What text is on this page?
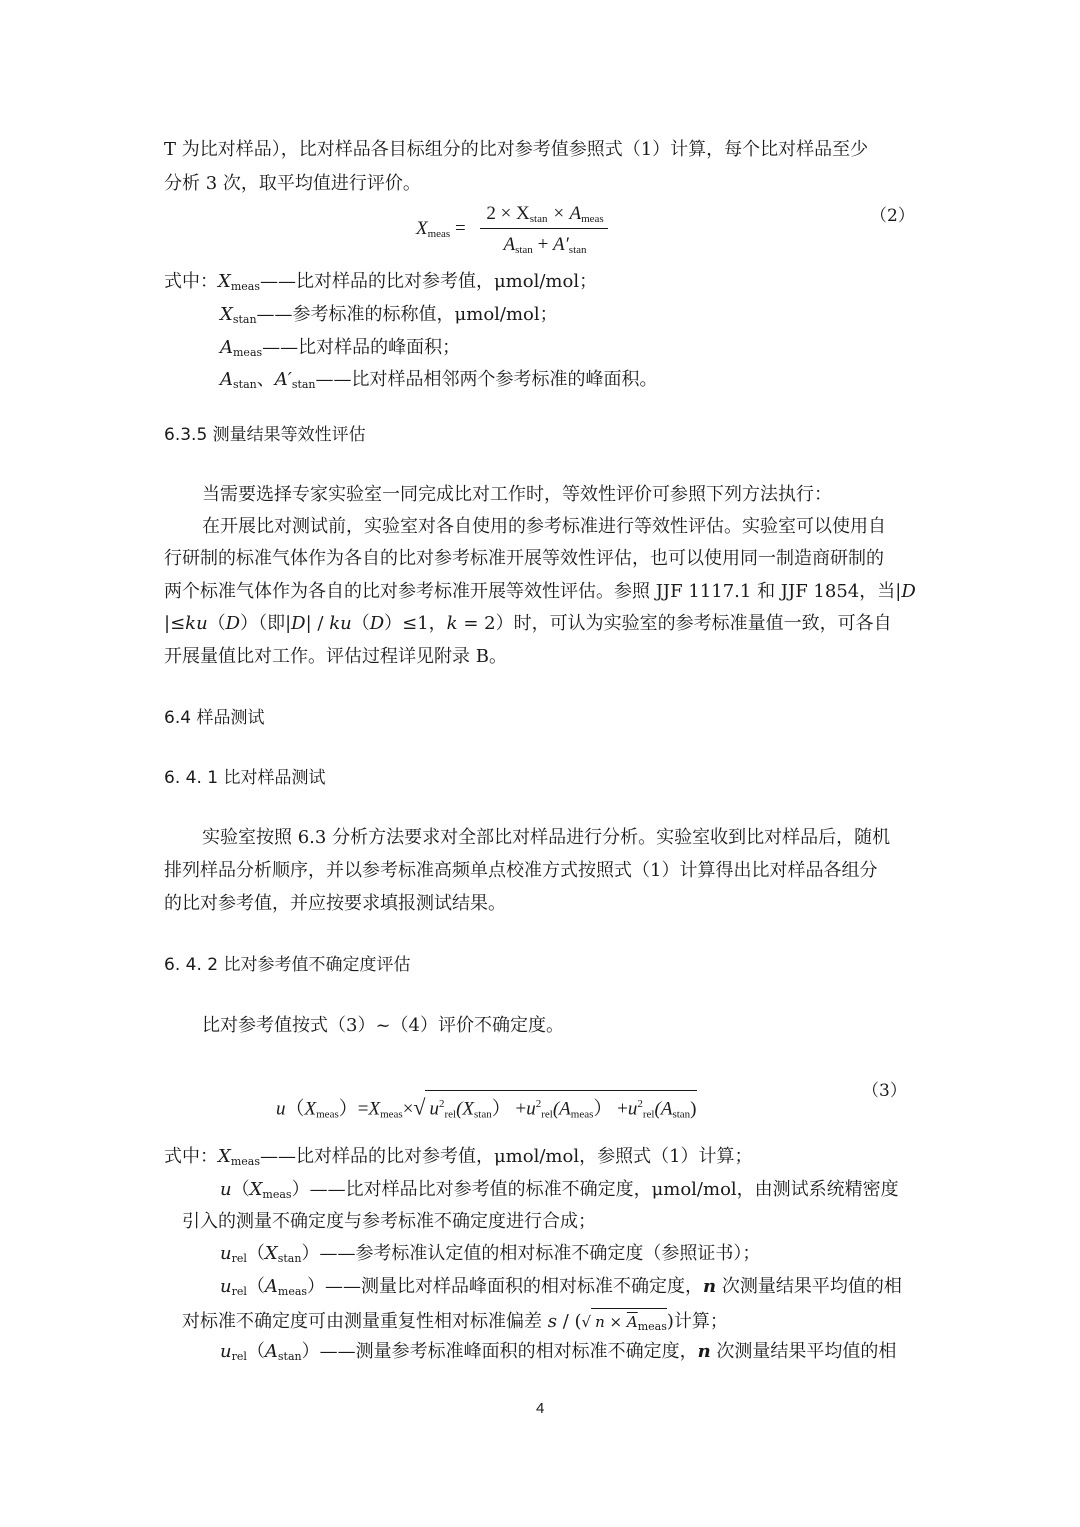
T 为比对样品），比对样品各目标组分的比对参考值参照式（1）计算，每个比对样品至少
分析 3 次，取平均值进行评价。
$X_{meas}$ =
$2 \times X_{stan} \times A_{meas}$
$A_{stan} + A'_{stan}$
（2）
式中：$X_{meas}——$比对样品的比对参考值，μmol/mol；
$X_{stan}——$参考标准的标称值，μmol/mol；
$A_{meas}——$比对样品的峰面积；
$A_{stan}$、$A'_{stan}——$比对样品相邻两个参考标准的峰面积。
6.3.5 测量结果等效性评估
当需要选择专家实验室一同完成比对工作时，等效性评价可参照下列方法执行：
在开展比对测试前，实验室对各自使用的参考标准进行等效性评估。实验室可以使用自
行研制的标准气体作为各自的比对参考标准开展等效性评估，也可以使用同一制造商研制的
两个标准气体作为各自的比对参考标准开展等效性评估。参照 JJF 1117.1 和 JJF 1854，当|D
|≤ku（D）（即|D| / ku（D）≤1，k = 2）时，可认为实验室的参考标准量值一致，可各自
开展量值比对工作。评估过程详见附录 B。
6.4 样品测试
6. 4. 1 比对样品测试
实验室按照 6.3 分析方法要求对全部比对样品进行分析。实验室收到比对样品后，随机
排列样品分析顺序，并以参考标准高频单点校准方式按照式（1）计算得出比对样品各组分
的比对参考值，并应按要求填报测试结果。
6. 4. 2 比对参考值不确定度评估
比对参考值按式（3）~（4）评价不确定度。
$u(X_{meas})=X_{meas}\times√$ $u^2_{rel}(X_{stan}) +u^2_{rel}(A_{meas}) +u^2_{rel}(A_{stan})$
（3）
式中：$X_{meas}——$比对样品的比对参考值，μmol/mol，参照式（1）计算；
$u(X_{meas})——$比对样品比对参考值的标准不确定度，μmol/mol，由测试系统精密度
引入的测量不确定度与参考标准不确定度进行合成；
$u_{rel}(X_{stan})——$参考标准认定值的相对标准不确定度（参照证书）；
$u_{rel}(A_{meas})——$测量比对样品峰面积的相对标准不确定度，n 次测量结果平均值的相
对标准不确定度可由测量重复性相对标准偏差 s / (√ $n \times \overline{A}_{meas}$)计算；
$u_{rel}(A_{stan})——$测量参考标准峰面积的相对标准不确定度，n 次测量结果平均值的相
4
